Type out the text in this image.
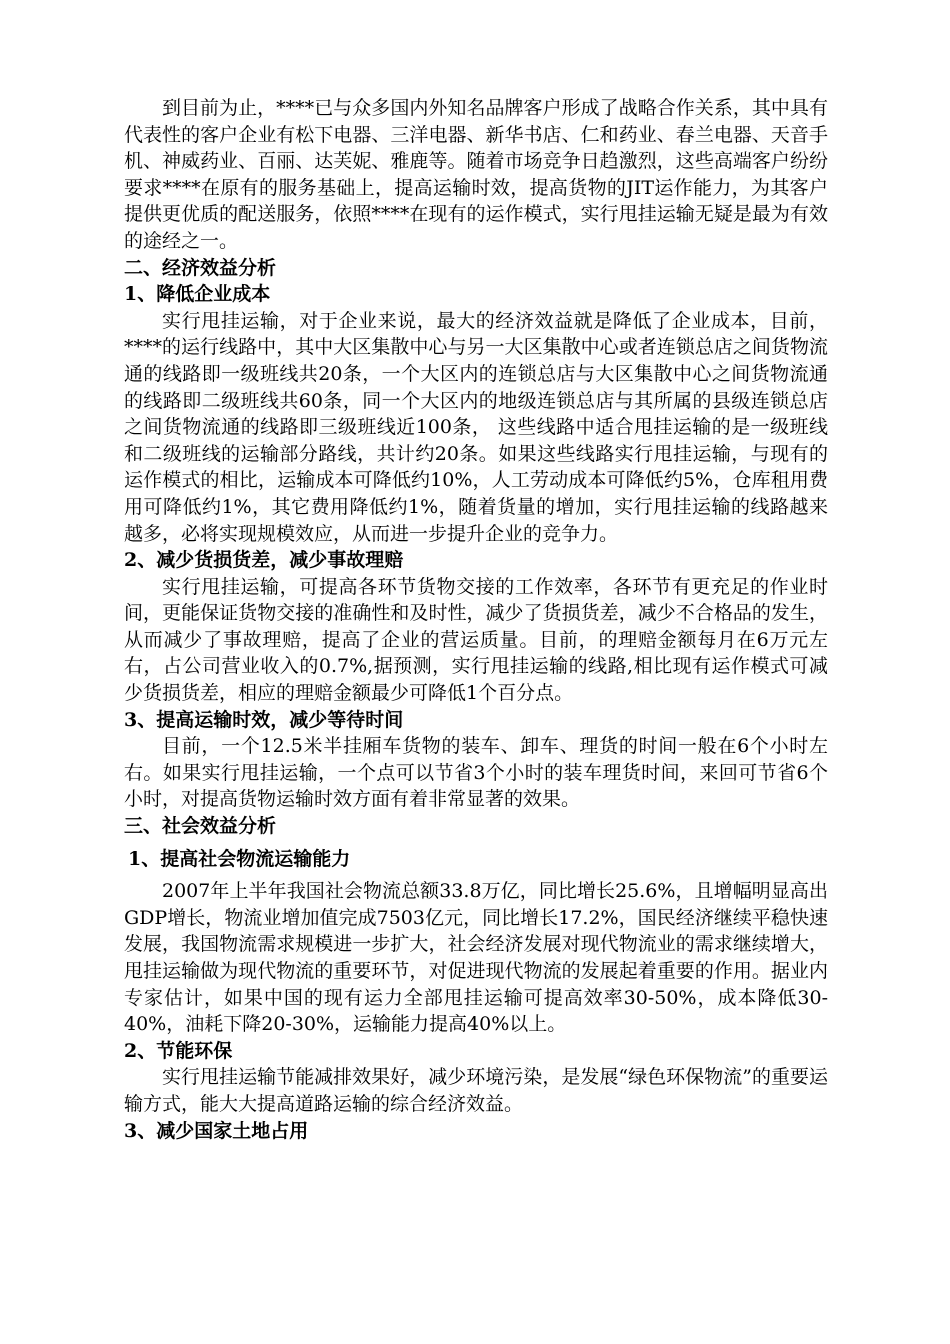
到目前为止，****已与众多国内外知名品牌客户形成了战略合作关系，其中具有代表性的客户企业有松下电器、三洋电器、新华书店、仁和药业、春兰电器、天音手机、神威药业、百丽、达芙妮、雅鹿等。随着市场竞争日趋激烈，这些高端客户纷纷要求****在原有的服务基础上，提高运输时效，提高货物的JIT运作能力，为其客户提供更优质的配送服务，依照****在现有的运作模式，实行甩挂运输无疑是最为有效的途经之一。

二、经济效益分析
1、降低企业成本

实行甩挂运输，对于企业来说，最大的经济效益就是降低了企业成本，目前，****的运行线路中，其中大区集散中心与另一大区集散中心或者连锁总店之间货物流通的线路即一级班线共20条，一个大区内的连锁总店与大区集散中心之间货物流通的线路即二级班线共60条，同一个大区内的地级连锁总店与其所属的县级连锁总店之间货物流通的线路即三级班线近100条， 这些线路中适合甩挂运输的是一级班线和二级班线的运输部分路线，共计约20条。如果这些线路实行甩挂运输，与现有的运作模式的相比，运输成本可降低约10%，人工劳动成本可降低约5%，仓库租用费用可降低约1%，其它费用降低约1%，随着货量的增加，实行甩挂运输的线路越来越多，必将实现规模效应，从而进一步提升企业的竞争力。

2、减少货损货差，减少事故理赔

实行甩挂运输，可提高各环节货物交接的工作效率，各环节有更充足的作业时间，更能保证货物交接的准确性和及时性，减少了货损货差，减少不合格品的发生，从而减少了事故理赔，提高了企业的营运质量。目前，的理赔金额每月在6万元左右，占公司营业收入的0.7%,据预测，实行甩挂运输的线路,相比现有运作模式可减少货损货差，相应的理赔金额最少可降低1个百分点。

3、提高运输时效，减少等待时间

目前，一个12.5米半挂厢车货物的装车、卸车、理货的时间一般在6个小时左右。如果实行甩挂运输，一个点可以节省3个小时的装车理货时间，来回可节省6个小时，对提高货物运输时效方面有着非常显著的效果。

三、社会效益分析
1、提高社会物流运输能力

2007年上半年我国社会物流总额33.8万亿，同比增长25.6%，且增幅明显高出GDP增长，物流业增加值完成7503亿元，同比增长17.2%，国民经济继续平稳快速发展，我国物流需求规模进一步扩大，社会经济发展对现代物流业的需求继续增大，甩挂运输做为现代物流的重要环节，对促进现代物流的发展起着重要的作用。据业内专家估计，如果中国的现有运力全部甩挂运输可提高效率30-50%，成本降低30-40%，油耗下降20-30%，运输能力提高40%以上。

2、节能环保

实行甩挂运输节能减排效果好，减少环境污染，是发展“绿色环保物流”的重要运输方式，能大大提高道路运输的综合经济效益。

3、减少国家土地占用
